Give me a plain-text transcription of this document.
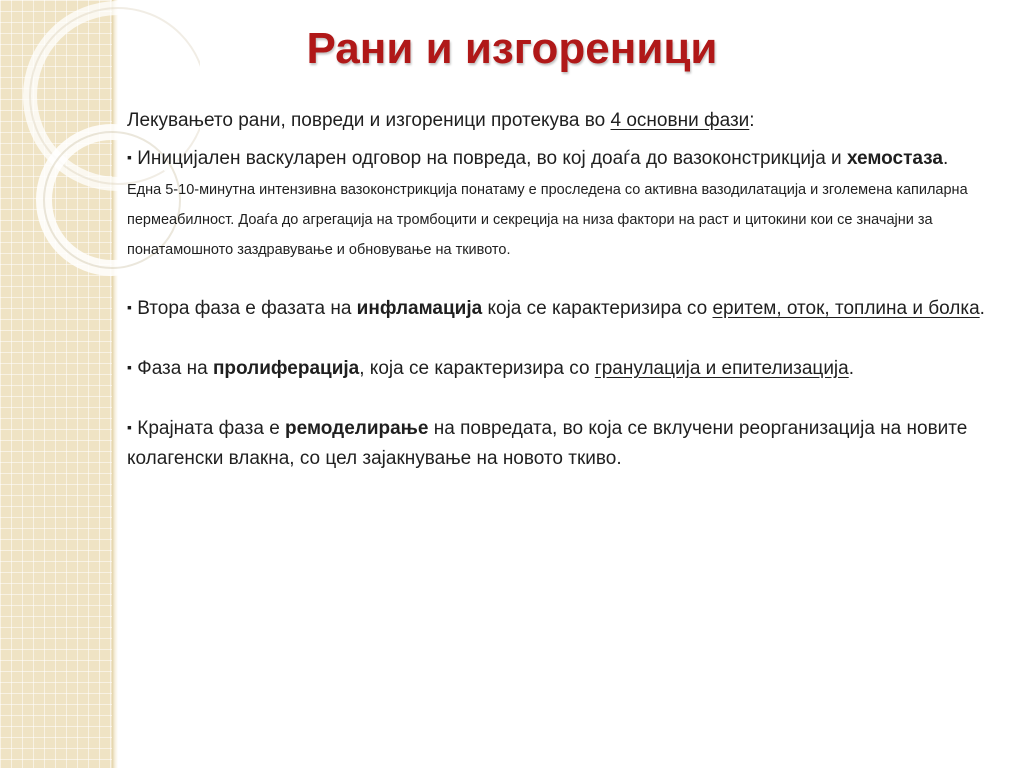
Рани и изгореници

Лекувањето рани, повреди и изгореници протекува во 4 основни фази:

▪ Иницијален васкуларен одговор на повреда, во кој доаѓа до вазоконстрикција и хемостаза. Една 5-10-минутна интензивна вазоконстрикција понатаму е проследена со активна вазодилатација и зголемена капиларна пермеабилност. Доаѓа до агрегација на тромбоцити и секреција на низа фактори на раст и цитокини кои се значајни за понатамошното заздравување и обновување на ткивото.

▪ Втора фаза е фазата на инфламација која се карактеризира со еритем, оток, топлина и болка.

▪ Фаза на пролиферација, која се карактеризира со гранулација и епителизација.

▪ Крајната фаза е ремоделирање на повредата, во која се вклучени реорганизација на новите колагенски влакна, со цел зајакнување на новото ткиво.
